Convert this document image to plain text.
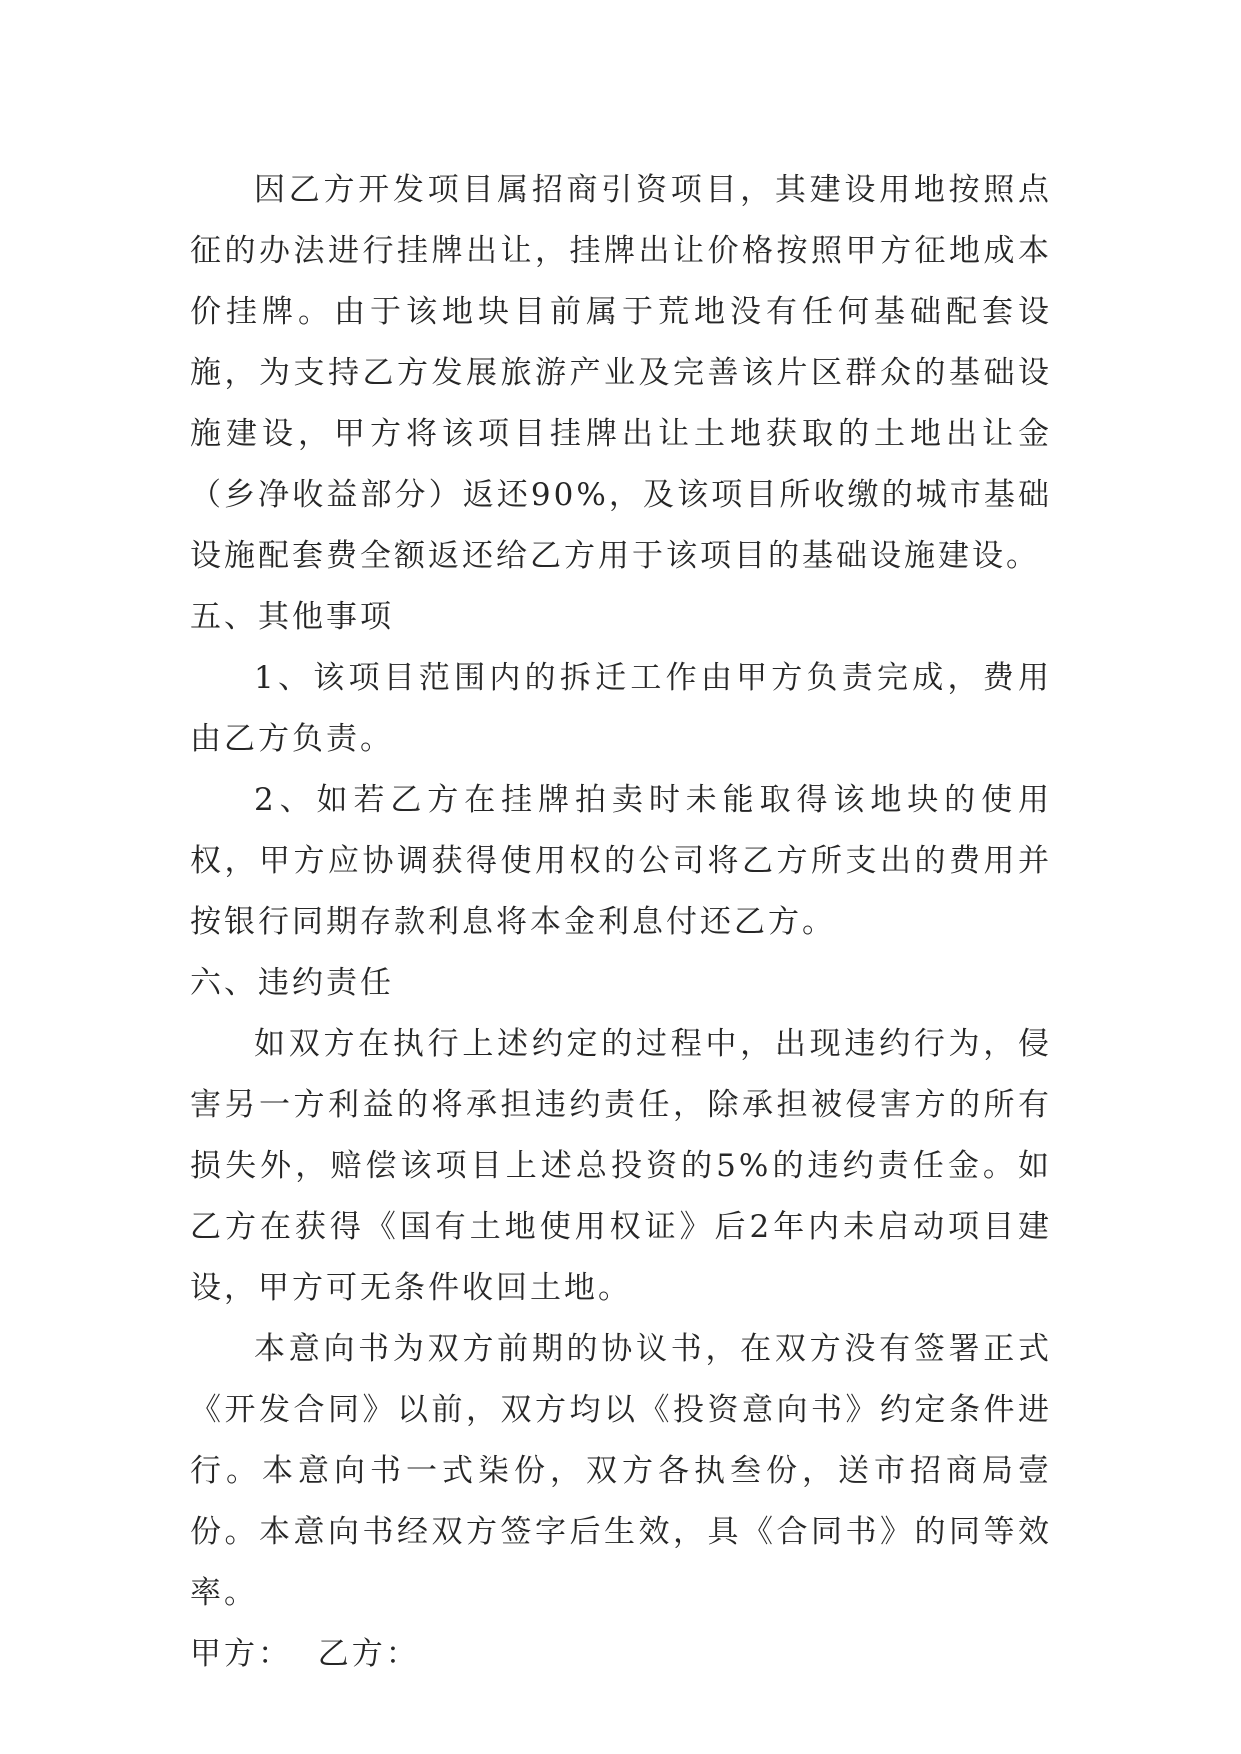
因乙方开发项目属招商引资项目，其建设用地按照点征的办法进行挂牌出让，挂牌出让价格按照甲方征地成本价挂牌。由于该地块目前属于荒地没有任何基础配套设施，为支持乙方发展旅游产业及完善该片区群众的基础设施建设，甲方将该项目挂牌出让土地获取的土地出让金（乡净收益部分）返还90%，及该项目所收缴的城市基础设施配套费全额返还给乙方用于该项目的基础设施建设。

五、其他事项

1、该项目范围内的拆迁工作由甲方负责完成，费用由乙方负责。

2、如若乙方在挂牌拍卖时未能取得该地块的使用权，甲方应协调获得使用权的公司将乙方所支出的费用并按银行同期存款利息将本金利息付还乙方。

六、违约责任

如双方在执行上述约定的过程中，出现违约行为，侵害另一方利益的将承担违约责任，除承担被侵害方的所有损失外，赔偿该项目上述总投资的5%的违约责任金。如乙方在获得《国有土地使用权证》后2年内未启动项目建设，甲方可无条件收回土地。

本意向书为双方前期的协议书，在双方没有签署正式《开发合同》以前，双方均以《投资意向书》约定条件进行。本意向书一式柒份，双方各执叁份，送市招商局壹份。本意向书经双方签字后生效，具《合同书》的同等效率。

甲方： 乙方：
